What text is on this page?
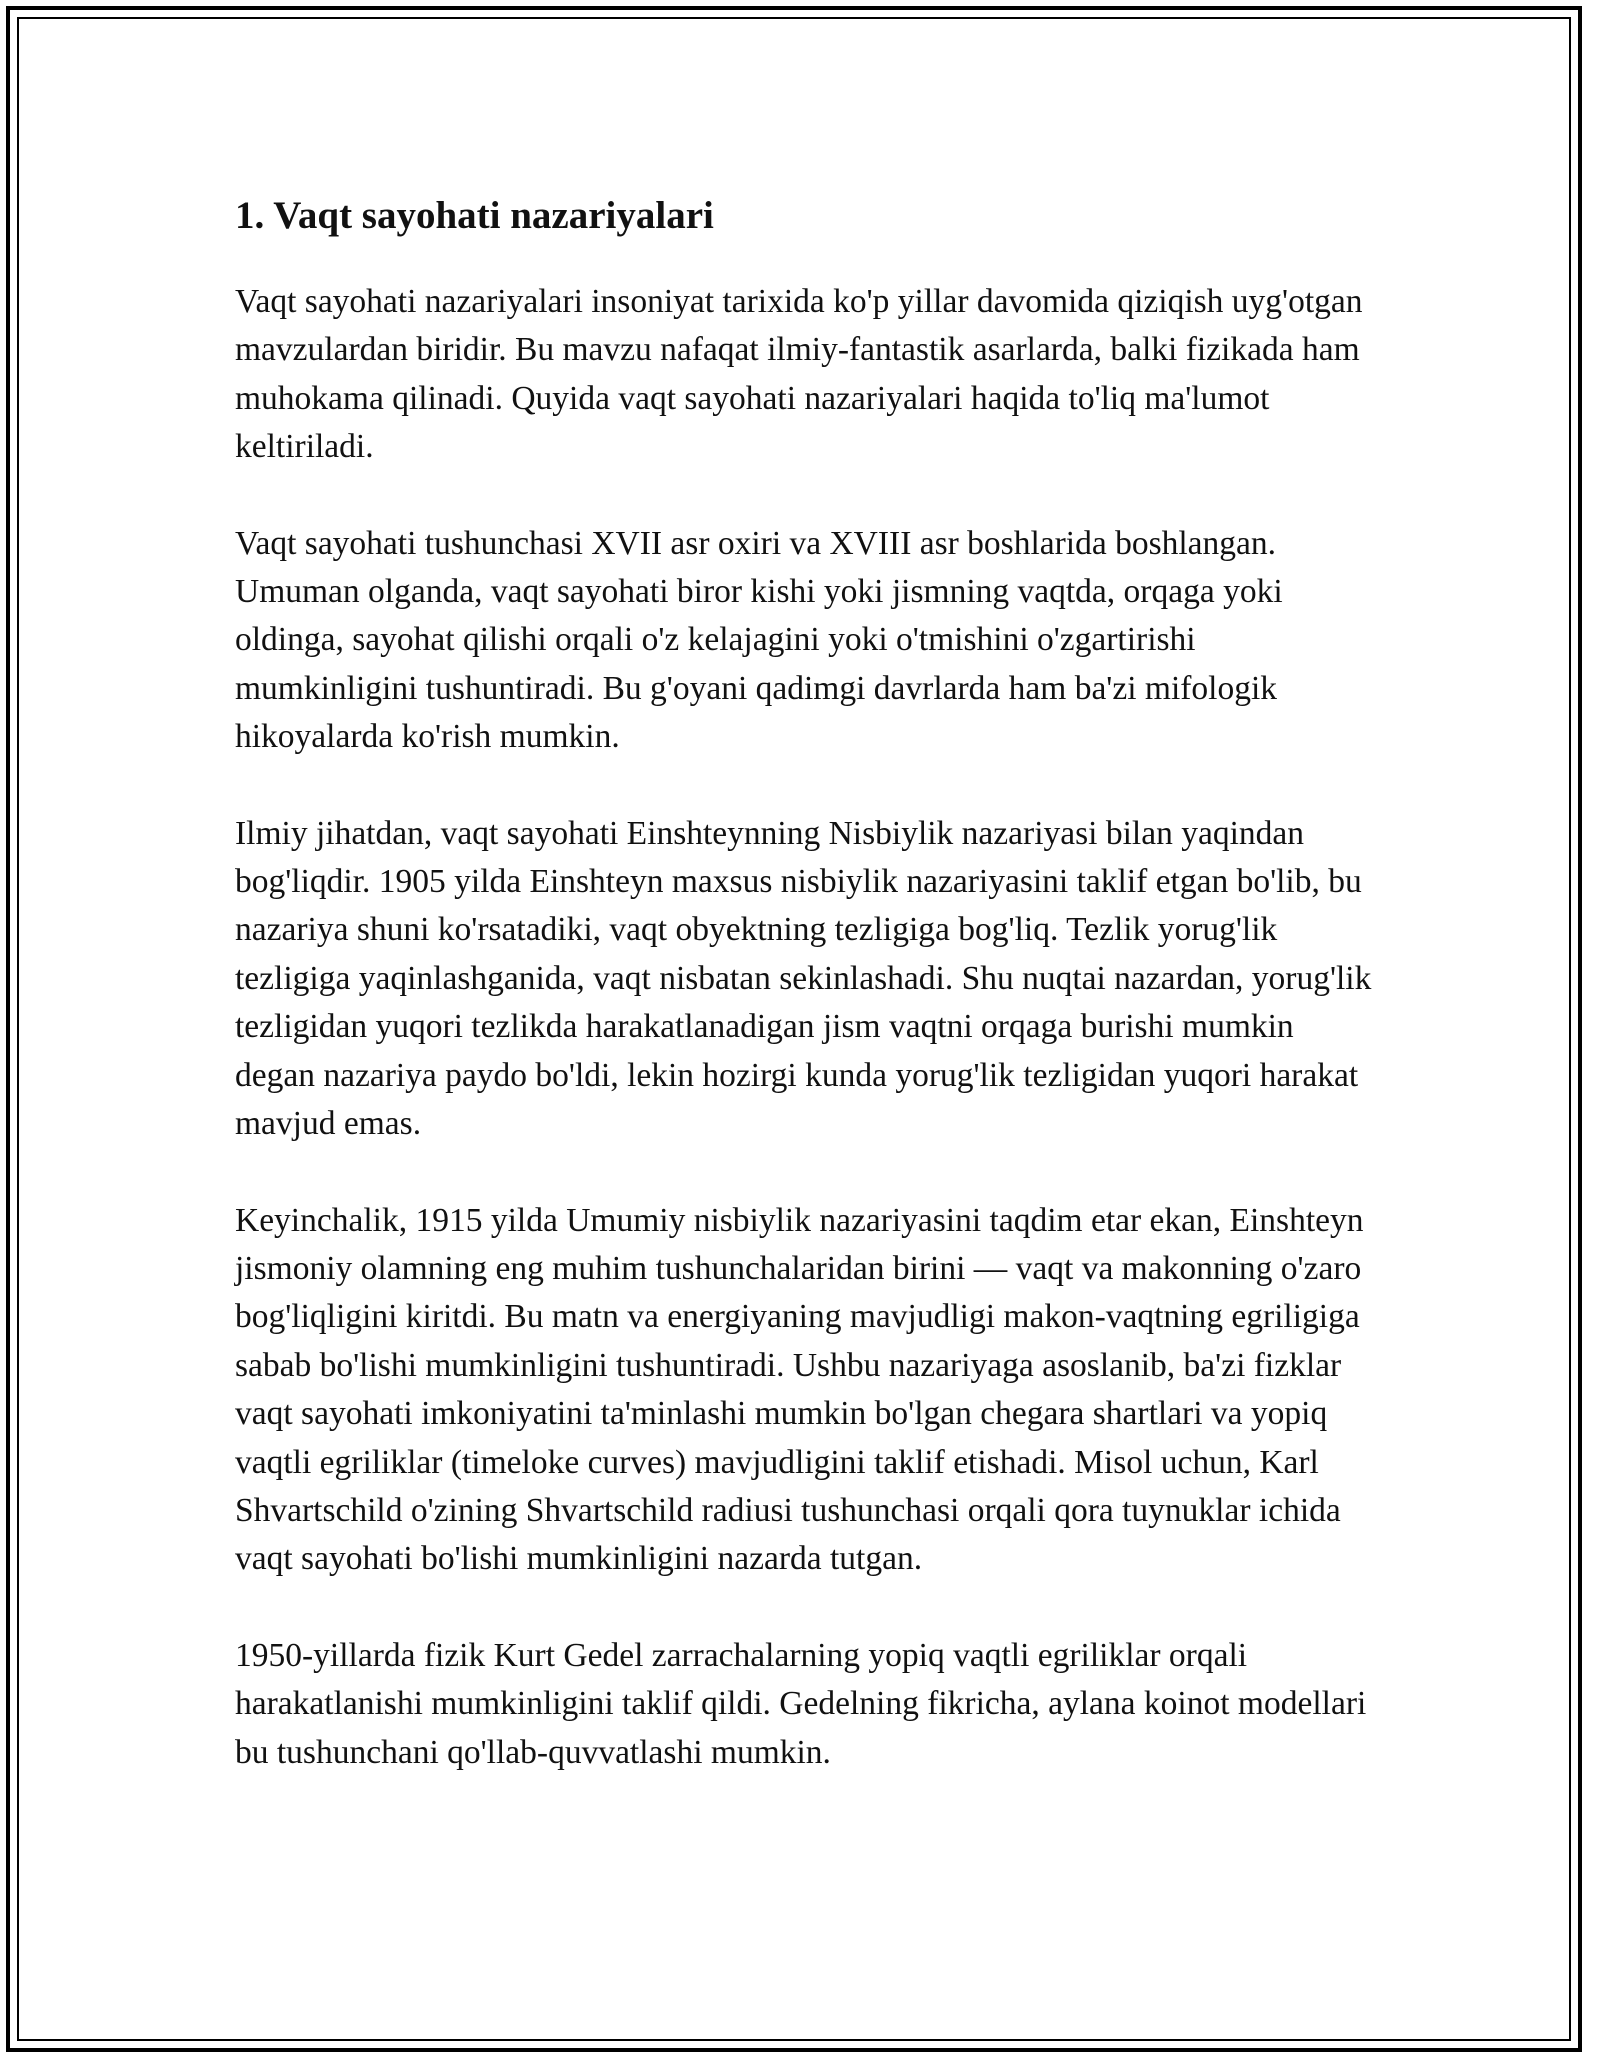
1. Vaqt sayohati nazariyalari

Vaqt sayohati nazariyalari insoniyat tarixida ko'p yillar davomida qiziqish uyg'otgan mavzulardan biridir. Bu mavzu nafaqat ilmiy-fantastik asarlarda, balki fizikada ham muhokama qilinadi. Quyida vaqt sayohati nazariyalari haqida to'liq ma'lumot keltiriladi.

Vaqt sayohati tushunchasi XVII asr oxiri va XVIII asr boshlarida boshlangan. Umuman olganda, vaqt sayohati biror kishi yoki jismning vaqtda, orqaga yoki oldinga, sayohat qilishi orqali o'z kelajagini yoki o'tmishini o'zgartirishi mumkinligini tushuntiradi. Bu g'oyani qadimgi davrlarda ham ba'zi mifologik hikoyalarda ko'rish mumkin.

Ilmiy jihatdan, vaqt sayohati Einshteynning Nisbiylik nazariyasi bilan yaqindan bog'liqdir. 1905 yilda Einshteyn maxsus nisbiylik nazariyasini taklif etgan bo'lib, bu nazariya shuni ko'rsatadiki, vaqt obyektning tezligiga bog'liq. Tezlik yorug'lik tezligiga yaqinlashganida, vaqt nisbatan sekinlashadi. Shu nuqtai nazardan, yorug'lik tezligidan yuqori tezlikda harakatlanadigan jism vaqtni orqaga burishi mumkin degan nazariya paydo bo'ldi, lekin hozirgi kunda yorug'lik tezligidan yuqori harakat mavjud emas.

Keyinchalik, 1915 yilda Umumiy nisbiylik nazariyasini taqdim etar ekan, Einshteyn jismoniy olamning eng muhim tushunchalaridan birini — vaqt va makonning o'zaro bog'liqligini kiritdi. Bu matn va energiyaning mavjudligi makon-vaqtning egriligiga sabab bo'lishi mumkinligini tushuntiradi. Ushbu nazariyaga asoslanib, ba'zi fizklar vaqt sayohati imkoniyatini ta'minlashi mumkin bo'lgan chegara shartlari va yopiq vaqtli egriliklar (timeloke curves) mavjudligini taklif etishadi. Misol uchun, Karl Shvartschild o'zining Shvartschild radiusi tushunchasi orqali qora tuynuklar ichida vaqt sayohati bo'lishi mumkinligini nazarda tutgan.

1950-yillarda fizik Kurt Gedel zarrachalarning yopiq vaqtli egriliklar orqali harakatlanishi mumkinligini taklif qildi. Gedelning fikricha, aylana koinot modellari bu tushunchani qo'llab-quvvatlashi mumkin.
